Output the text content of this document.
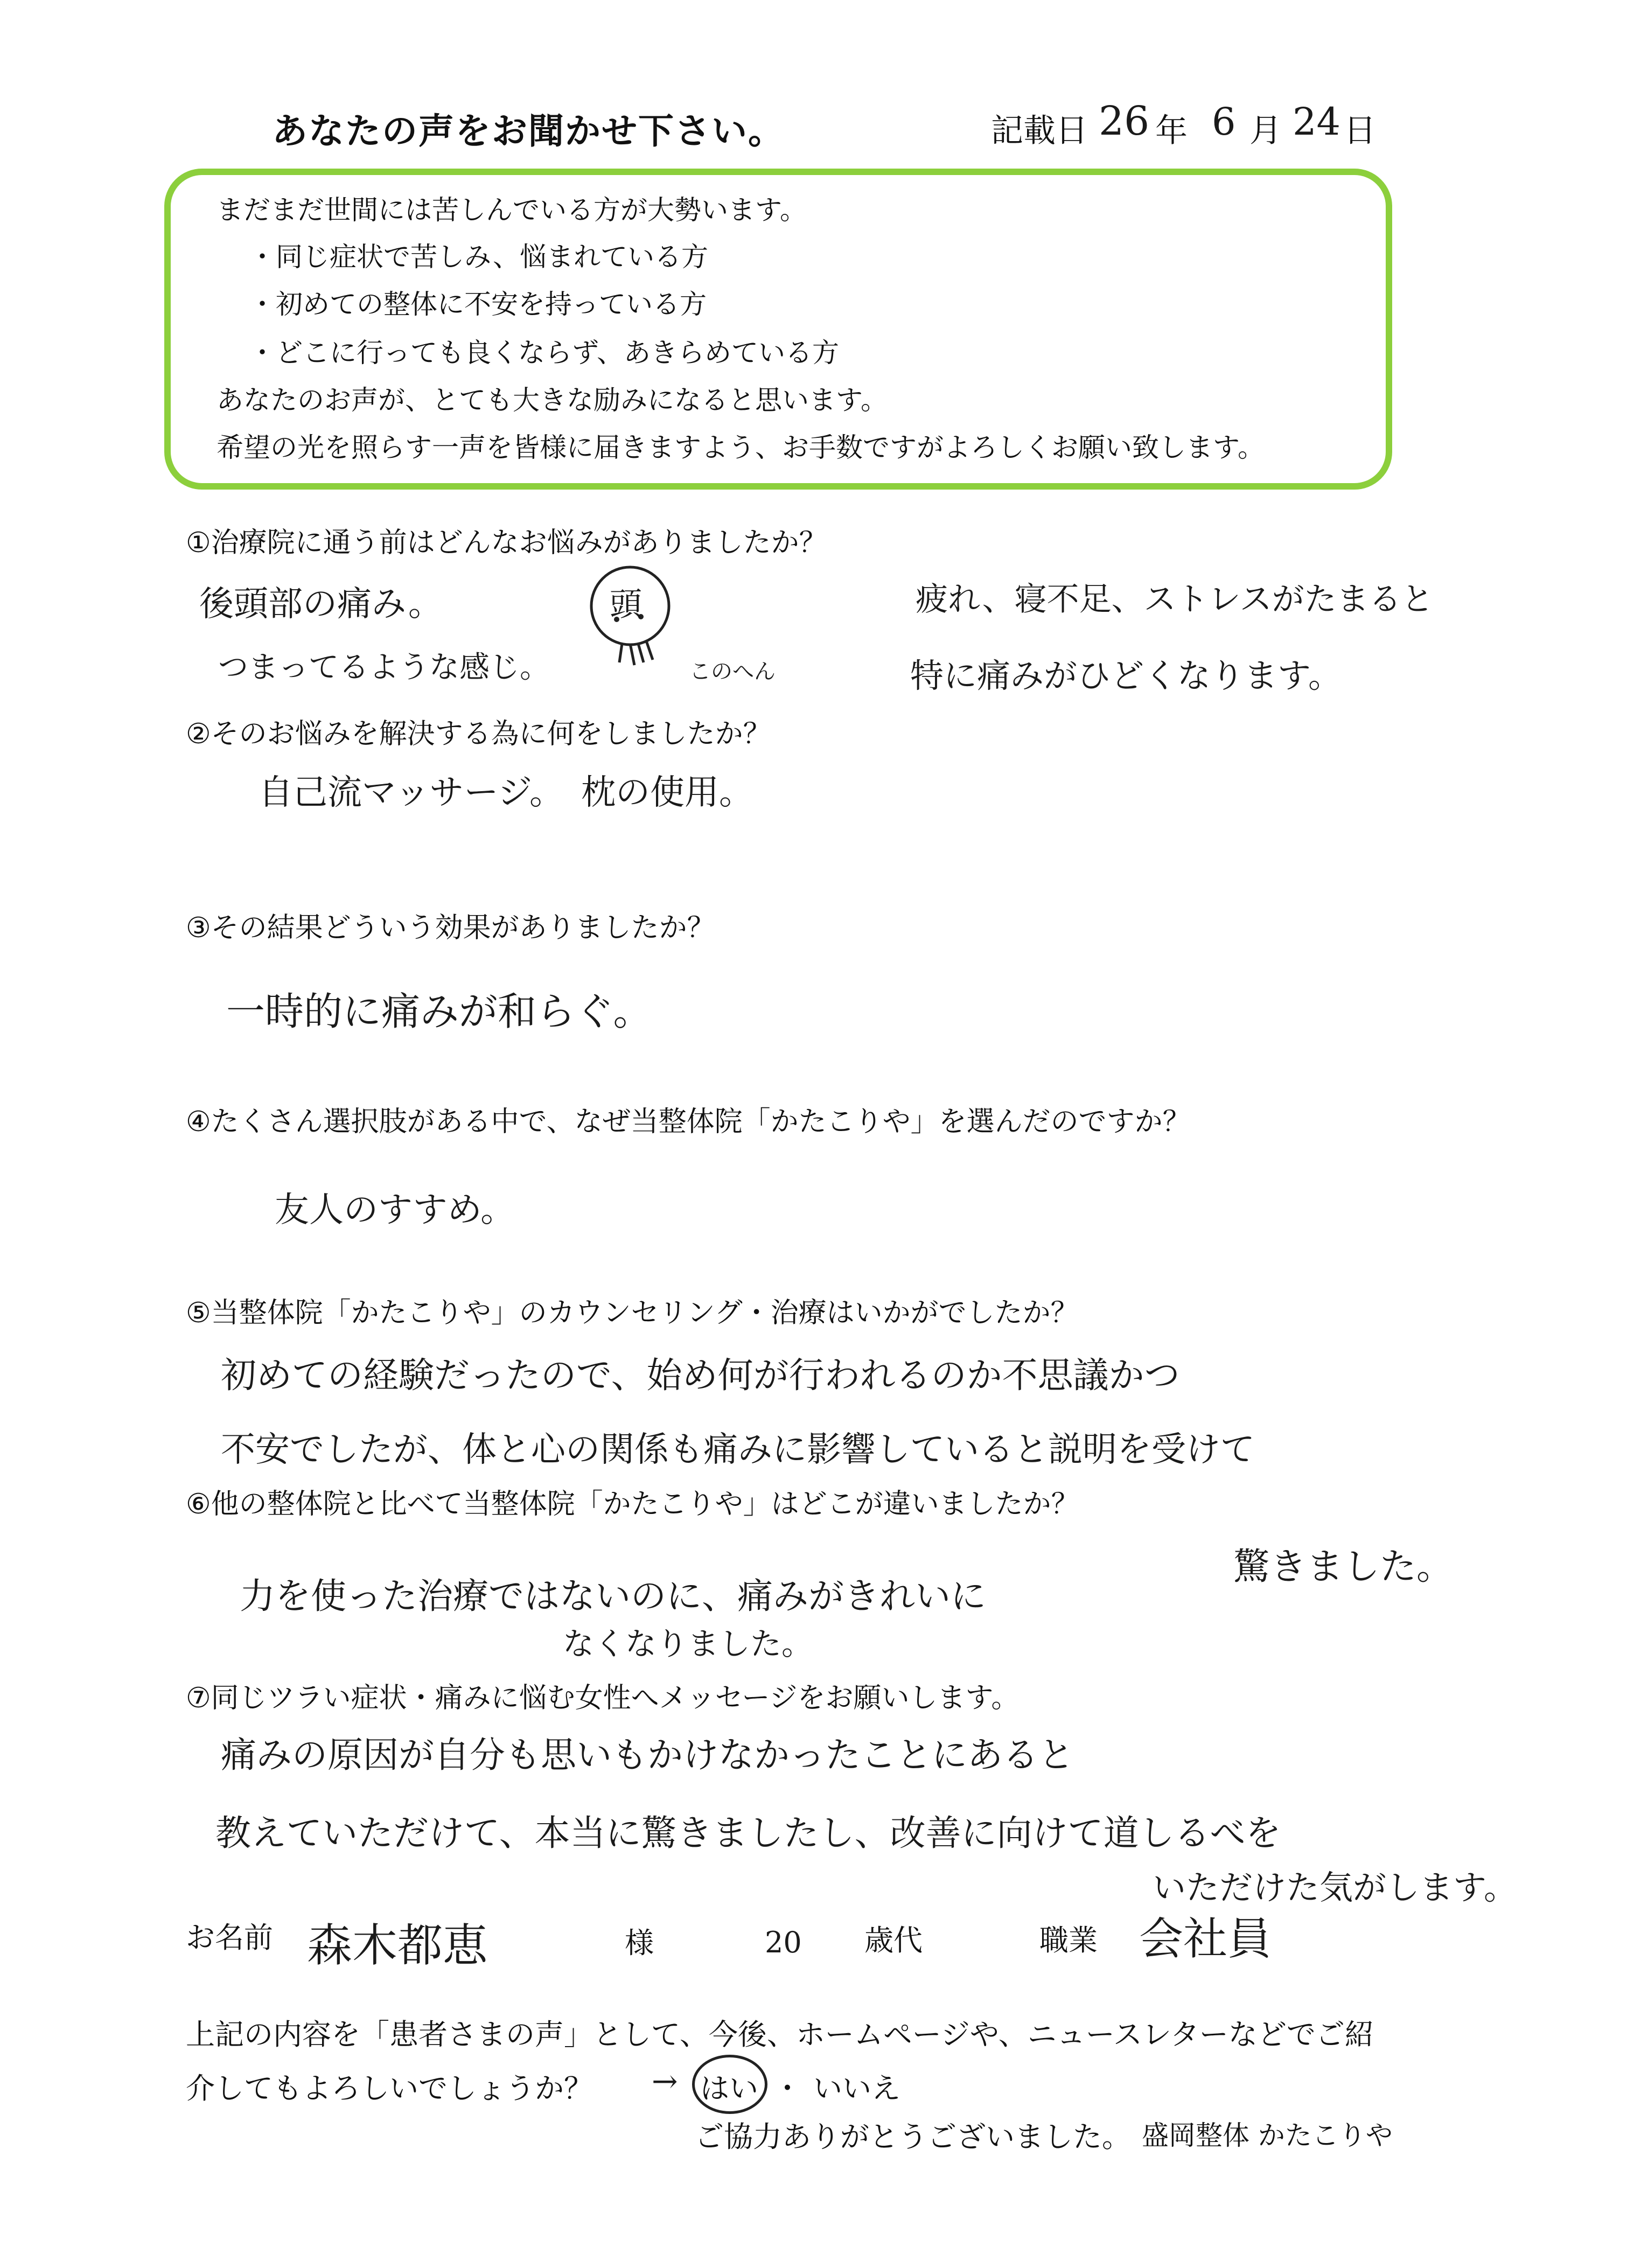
あなたの声をお聞かせ下さい。	記載日 26 年 6 月 24 日
まだまだ世間には苦しんでいる方が大勢います。
・同じ症状で苦しみ、悩まれている方
・初めての整体に不安を持っている方
・どこに行っても良くならず、あきらめている方
あなたのお声が、とても大きな励みになると思います。
希望の光を照らす一声を皆様に届きますよう、お手数ですがよろしくお願い致します。
①治療院に通う前はどんなお悩みがありましたか？
後頭部の痛み。
つまってるような感じ。
頭
このへん
疲れ、寝不足、ストレスがたまると
特に痛みがひどくなります。
②そのお悩みを解決する為に何をしましたか？
自己流マッサージ。　枕の使用。
③その結果どういう効果がありましたか？
一時的に痛みが和らぐ。
④たくさん選択肢がある中で、なぜ当整体院「かたこりや」を選んだのですか？
友人のすすめ。
⑤当整体院「かたこりや」のカウンセリング・治療はいかがでしたか？
初めての経験だったので、始め何が行われるのか不思議かつ
不安でしたが、体と心の関係も痛みに影響していると説明を受けて
驚きました。
⑥他の整体院と比べて当整体院「かたこりや」はどこが違いましたか？
力を使った治療ではないのに、痛みがきれいに
なくなりました。
⑦同じツラい症状・痛みに悩む女性へメッセージをお願いします。
痛みの原因が自分も思いもかけなかったことにあると
教えていただけて、本当に驚きましたし、改善に向けて道しるべを
いただけた気がします。
お名前 森木都恵	様	20 歳代	職業 会社員
上記の内容を「患者さまの声」として、今後、ホームページや、ニュースレターなどでご紹
介してもよろしいでしょうか？ → はい ・ いいえ
ご協力ありがとうございました。 盛岡整体 かたこりや
